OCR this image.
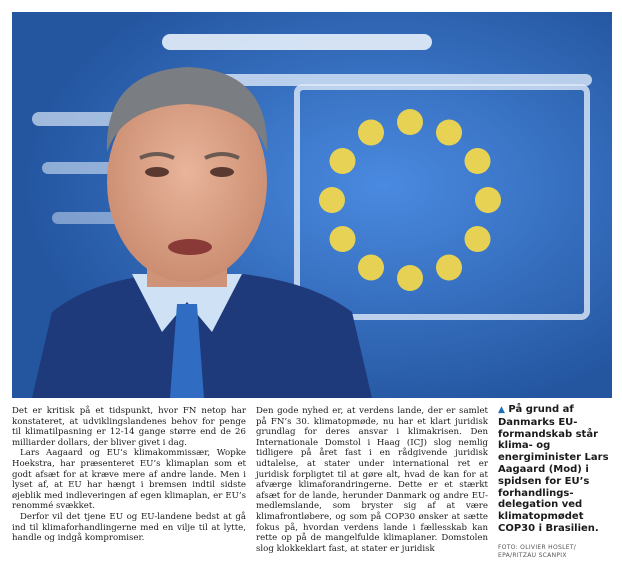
Det er kritisk på et tidspunkt, hvor FN netop har konstateret, at udviklingslandenes behov for penge til klimatilpasning er 12-14 gange større end de 26 milliarder dollars, der bliver givet i dag.

Lars Aagaard og EU’s klimakommissær, Wopke Hoekstra, har præsenteret EU’s klimaplan som et godt afsæt for at kræve mere af andre lande. Men i lyset af, at EU har hængt i bremsen indtil sidste øjeblik med indleveringen af egen klimaplan, er EU’s renommé svækket.

Derfor vil det tjene EU og EU-landene bedst at gå ind til klimaforhandlingerne med en vilje til at lytte, handle og indgå kompromiser.

Den gode nyhed er, at verdens lande, der er samlet på FN’s 30. klimatopmøde, nu har et klart juridisk grundlag for deres ansvar i klimakrisen. Den Internationale Domstol i Haag (ICJ) slog nemlig tidligere på året fast i en rådgivende juridisk udtalelse, at stater under international ret er juridisk forpligtet til at gøre alt, hvad de kan for at afværge klimaforandringerne. Dette er et stærkt afsæt for de lande, herunder Danmark og andre EU-medlemslande, som bryster sig af at være klimafrontløbere, og som på COP30 ønsker at sætte fokus på, hvordan verdens lande i fællesskab kan rette op på de mangelfulde klimaplaner. Domstolen slog klokkeklart fast, at stater er juridisk

▲ På grund af Danmarks EU-formandskab står klima- og energiminister Lars Aagaard (Mod) i spidsen for EU’s forhandlings-delegation ved klimatopmødet COP30 i Brasilien.
FOTO: OLIVIER HOSLET/
EPA/RITZAU SCANPIX
